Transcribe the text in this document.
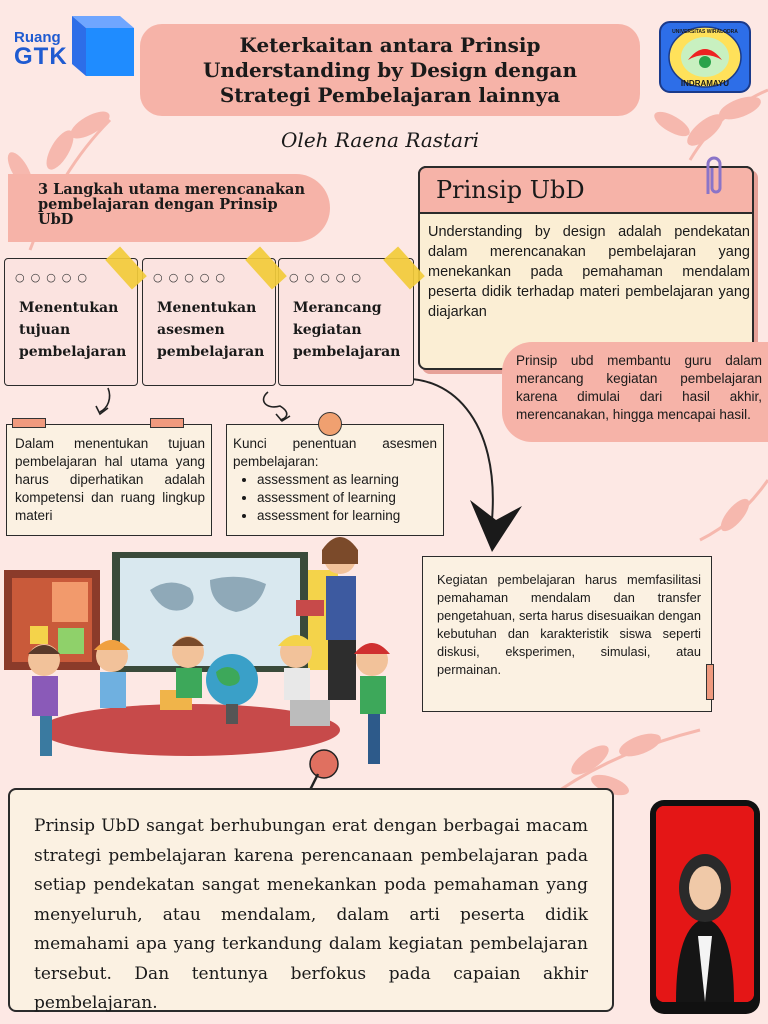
Ruang
GTK	Keterkaitan antara Prinsip Understanding by Design dengan Strategi Pembelajaran lainnya	INDRAMAYU
UNIVERSITAS WIRALODRA
Oleh Raena Rastari
3 Langkah utama merencanakan pembelajaran dengan Prinsip UbD
Prinsip UbD
Understanding by design adalah pendekatan dalam merencanakan pembelajaran yang menekankan pada pemahaman mendalam peserta didik terhadap materi pembelajaran yang diajarkan
Prinsip ubd membantu guru dalam merancang kegiatan pembelajaran karena dimulai dari hasil akhir, merencanakan, hingga mencapai hasil.
○○○○○
Menentukan tujuan pembelajaran
○○○○○
Menentukan asesmen pembelajaran
○○○○○
Merancang kegiatan pembelajaran
Dalam menentukan tujuan pembelajaran hal utama yang harus diperhatikan adalah kompetensi dan ruang lingkup materi
Kunci penentuan asesmen pembelajaran:
• assessment as learning
• assessment of learning
• assessment for learning
Kegiatan pembelajaran harus memfasilitasi pemahaman mendalam dan transfer pengetahuan, serta harus disesuaikan dengan kebutuhan dan karakteristik siswa seperti diskusi, eksperimen, simulasi, atau permainan.
Prinsip UbD sangat berhubungan erat dengan berbagai macam strategi pembelajaran karena perencanaan pembelajaran pada setiap pendekatan sangat menekankan poda pemahaman yang menyeluruh, atau mendalam, dalam arti peserta didik memahami apa yang terkandung dalam kegiatan pembelajaran tersebut. Dan tentunya berfokus pada capaian akhir pembelajaran.
